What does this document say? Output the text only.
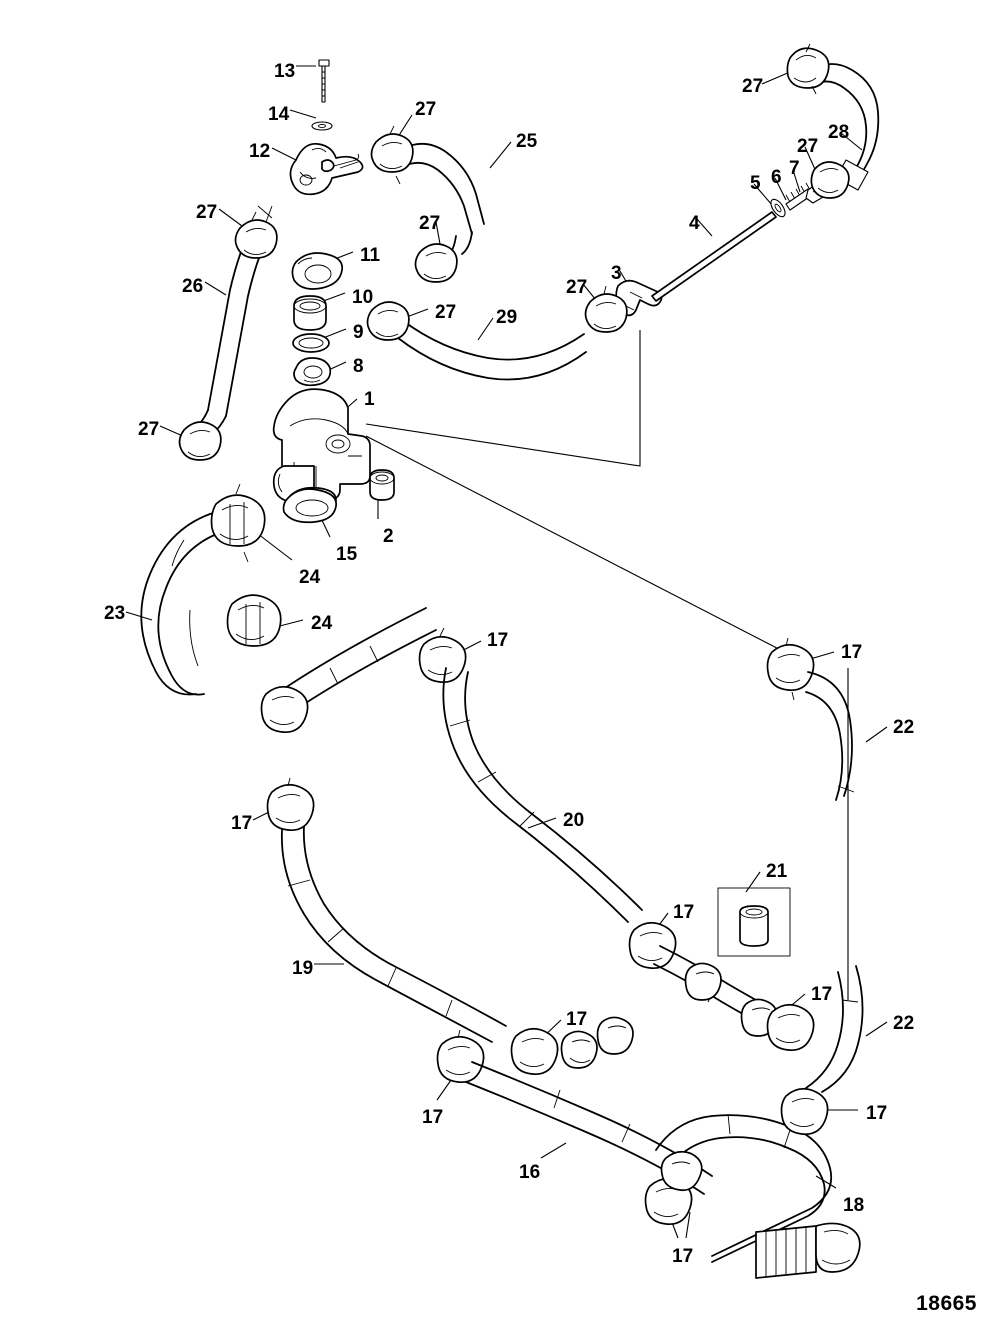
13
14
12
27
25
27
26
11
10
9
8
27
27 29
27
3
4
5 6 7
27
28
27
1
27
2
15
24
24
23
17
17
22
20
17
21
17
19
17
22
17
17	17
16
18
17
18665
